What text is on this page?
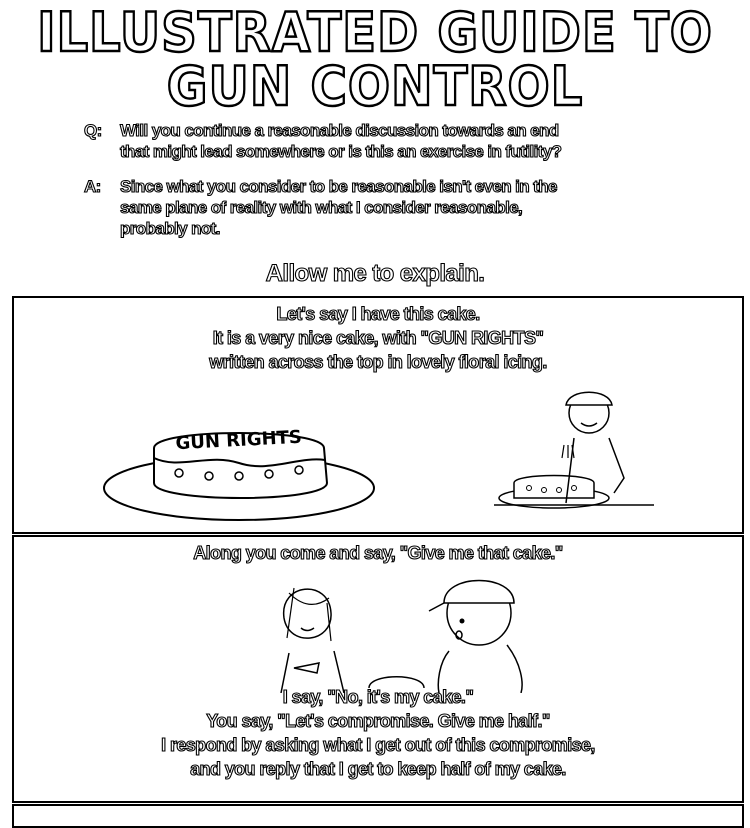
ILLUSTRATED GUIDE TO
GUN CONTROL
Q:	Will you continue a reasonable discussion towards an end
that might lead somewhere or is this an exercise in futility?
A:	Since what you consider to be reasonable isn't even in the
same plane of reality with what I consider reasonable,
probably not.
Allow me to explain.
Let's say I have this cake.
It is a very nice cake, with "GUN RIGHTS"
written across the top in lovely floral icing.
GUN RIGHTS
Along you come and say, "Give me that cake."
I say, "No, it's my cake."
You say, "Let's compromise. Give me half."
I respond by asking what I get out of this compromise,
and you reply that I get to keep half of my cake.
